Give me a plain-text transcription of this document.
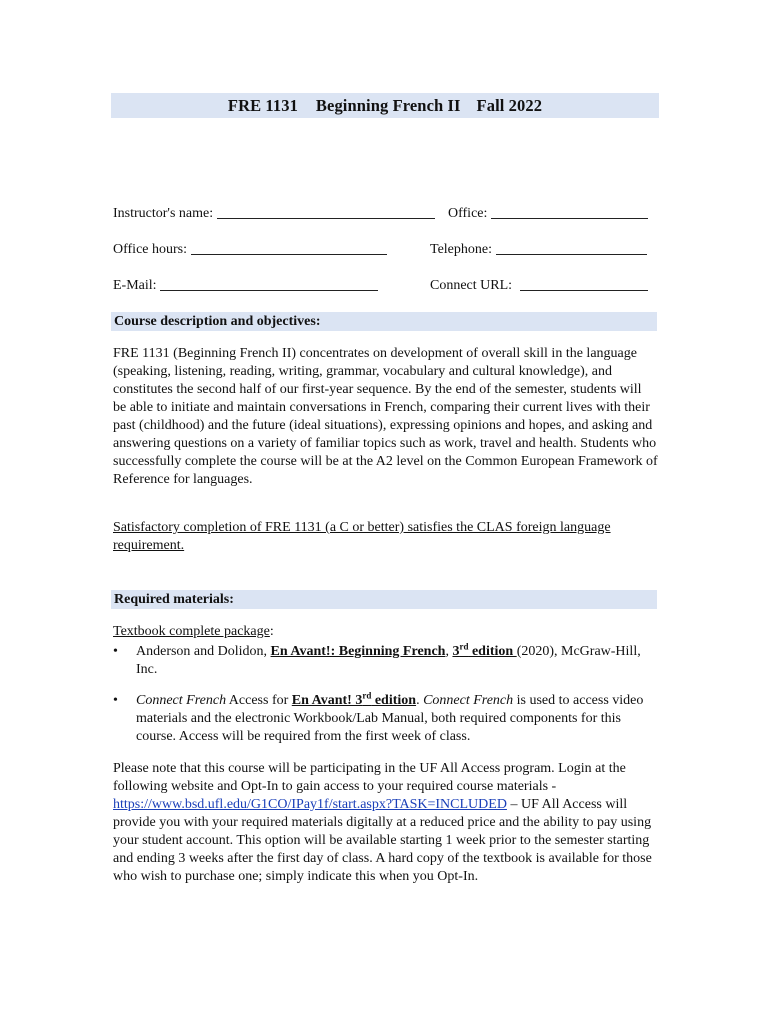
FRE 1131 Beginning French II Fall 2022
Instructor's name:	Office:
Office hours:	Telephone:
E-Mail:	Connect URL:
Course description and objectives:
FRE 1131 (Beginning French II) concentrates on development of overall skill in the language (speaking, listening, reading, writing, grammar, vocabulary and cultural knowledge), and constitutes the second half of our first-year sequence. By the end of the semester, students will be able to initiate and maintain conversations in French, comparing their current lives with their past (childhood) and the future (ideal situations), expressing opinions and hopes, and asking and answering questions on a variety of familiar topics such as work, travel and health. Students who successfully complete the course will be at the A2 level on the Common European Framework of Reference for languages.
Satisfactory completion of FRE 1131 (a C or better) satisfies the CLAS foreign language requirement.
Required materials:
Textbook complete package:
•	Anderson and Dolidon, En Avant!: Beginning French, 3rd edition (2020), McGraw-Hill, Inc.
•	Connect French Access for En Avant! 3rd edition. Connect French is used to access video materials and the electronic Workbook/Lab Manual, both required components for this course. Access will be required from the first week of class.
Please note that this course will be participating in the UF All Access program. Login at the following website and Opt-In to gain access to your required course materials - https://www.bsd.ufl.edu/G1CO/IPay1f/start.aspx?TASK=INCLUDED – UF All Access will provide you with your required materials digitally at a reduced price and the ability to pay using your student account. This option will be available starting 1 week prior to the semester starting and ending 3 weeks after the first day of class. A hard copy of the textbook is available for those who wish to purchase one; simply indicate this when you Opt-In.
